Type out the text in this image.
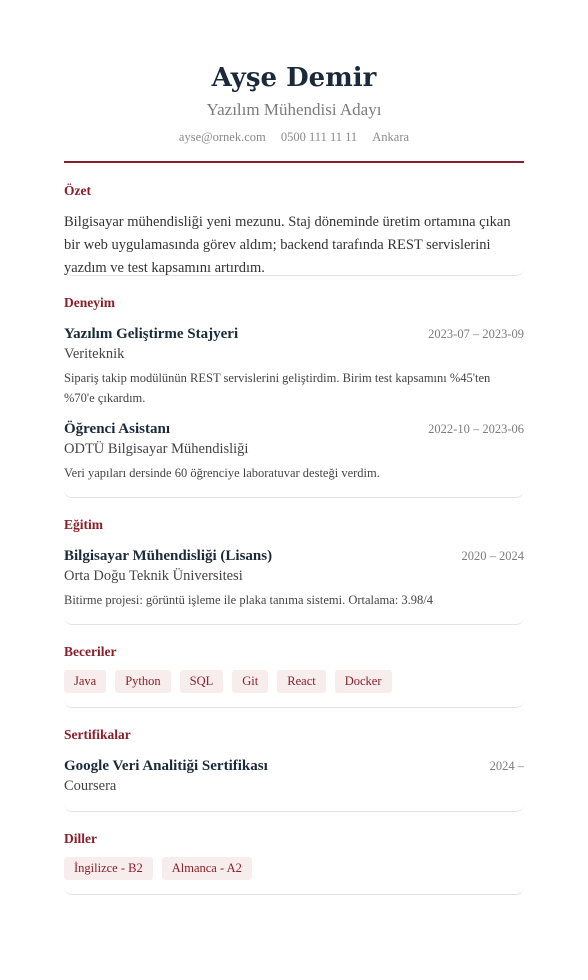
Ayşe Demir
Yazılım Mühendisi Adayı
ayse@ornek.com 0500 111 11 11 Ankara
Özet
Bilgisayar mühendisliği yeni mezunu. Staj döneminde üretim ortamına çıkan bir web uygulamasında görev aldım; backend tarafında REST servislerini yazdım ve test kapsamını artırdım.
Deneyim
Yazılım Geliştirme Stajyeri	2023-07 – 2023-09
Veriteknik
Sipariş takip modülünün REST servislerini geliştirdim. Birim test kapsamını %45'ten %70'e çıkardım.
Öğrenci Asistanı	2022-10 – 2023-06
ODTÜ Bilgisayar Mühendisliği
Veri yapıları dersinde 60 öğrenciye laboratuvar desteği verdim.
Eğitim
Bilgisayar Mühendisliği (Lisans)	2020 – 2024
Orta Doğu Teknik Üniversitesi
Bitirme projesi: görüntü işleme ile plaka tanıma sistemi. Ortalama: 3.98/4
Beceriler
Java	Python	SQL	Git	React	Docker
Sertifikalar
Google Veri Analitiği Sertifikası	2024 –
Coursera
Diller
İngilizce - B2	Almanca - A2
